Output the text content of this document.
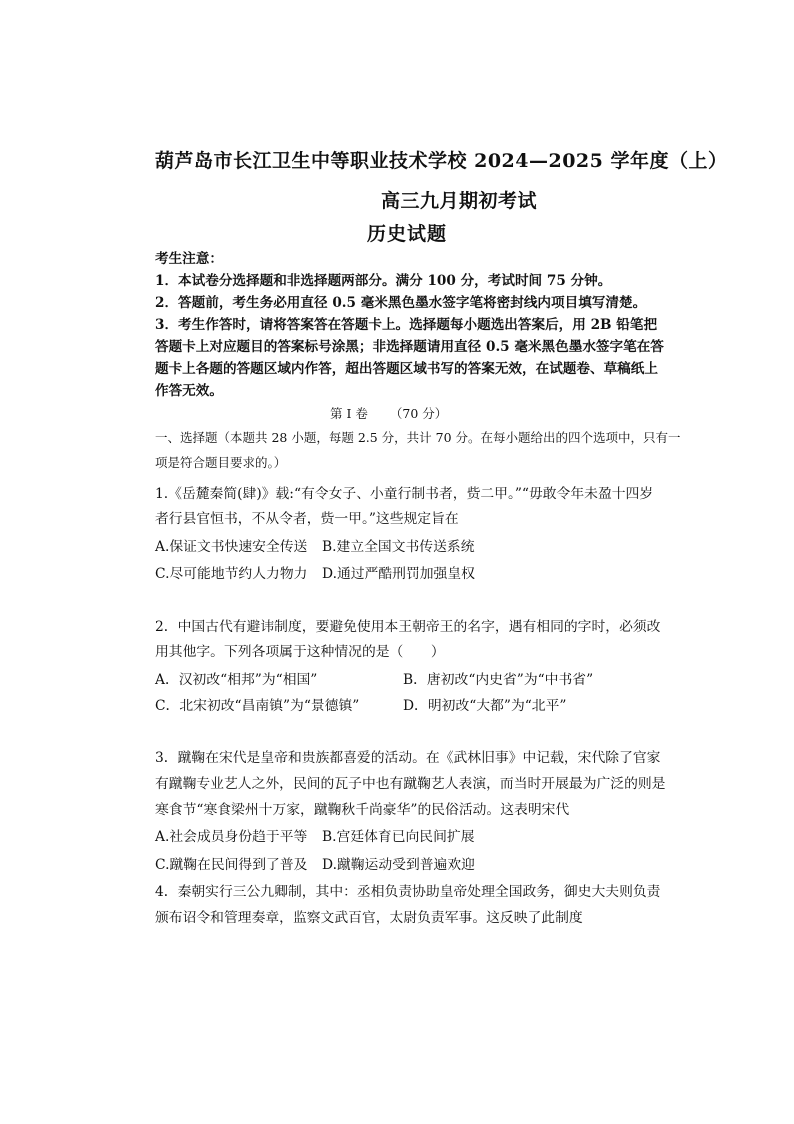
葫芦岛市长江卫生中等职业技术学校 2024—2025 学年度（上）
高三九月期初考试
历史试题
考生注意：
1．本试卷分选择题和非选择题两部分。满分 100 分，考试时间 75 分钟。
2．答题前，考生务必用直径 0.5 毫米黑色墨水签字笔将密封线内项目填写清楚。
3．考生作答时，请将答案答在答题卡上。选择题每小题选出答案后，用 2B 铅笔把
答题卡上对应题目的答案标号涂黑；非选择题请用直径 0.5 毫米黑色墨水签字笔在答
题卡上各题的答题区域内作答，超出答题区域书写的答案无效，在试题卷、草稿纸上
作答无效。
第 I 卷 （70 分）
一、选择题（本题共 28 小题，每题 2.5 分，共计 70 分。在每小题给出的四个选项中，只有一
项是符合题目要求的。）
1.《岳麓秦简(肆)》载:“有令女子、小童行制书者，赀二甲。”“毋敢令年未盈十四岁
者行县官恒书，不从令者，赀一甲。”这些规定旨在
A.保证文书快速安全传送 B.建立全国文书传送系统
C.尽可能地节约人力物力 D.通过严酷刑罚加强皇权
2．中国古代有避讳制度，要避免使用本王朝帝王的名字，遇有相同的字时，必须改
用其他字。下列各项属于这种情况的是（　　）
A．汉初改“相邦”为“相国”	B．唐初改“内史省”为“中书省”
C．北宋初改“昌南镇”为“景德镇”	D．明初改“大都”为“北平”
3．蹴鞠在宋代是皇帝和贵族都喜爱的活动。在《武林旧事》中记载，宋代除了官家
有蹴鞠专业艺人之外，民间的瓦子中也有蹴鞠艺人表演，而当时开展最为广泛的则是
寒食节“寒食梁州十万家，蹴鞠秋千尚豪华”的民俗活动。这表明宋代
A.社会成员身份趋于平等 B.宫廷体育已向民间扩展
C.蹴鞠在民间得到了普及 D.蹴鞠运动受到普遍欢迎
4．秦朝实行三公九卿制，其中：丞相负责协助皇帝处理全国政务，御史大夫则负责
颁布诏令和管理奏章，监察文武百官，太尉负责军事。这反映了此制度
